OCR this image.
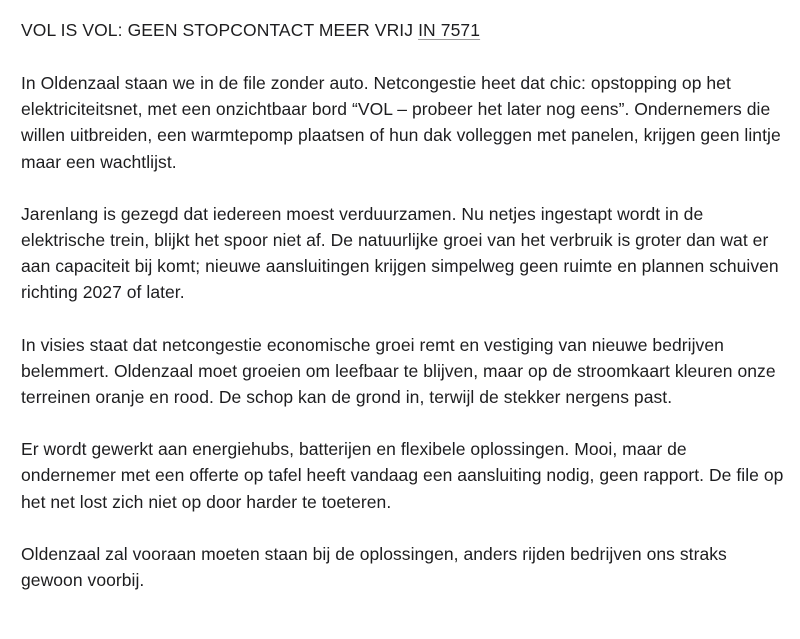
VOL IS VOL: GEEN STOPCONTACT MEER VRIJ IN 7571

In Oldenzaal staan we in de file zonder auto. Netcongestie heet dat chic: opstopping op het elektriciteitsnet, met een onzichtbaar bord “VOL – probeer het later nog eens”. Ondernemers die willen uitbreiden, een warmtepomp plaatsen of hun dak volleggen met panelen, krijgen geen lintje maar een wachtlijst.

Jarenlang is gezegd dat iedereen moest verduurzamen. Nu netjes ingestapt wordt in de elektrische trein, blijkt het spoor niet af. De natuurlijke groei van het verbruik is groter dan wat er aan capaciteit bij komt; nieuwe aansluitingen krijgen simpelweg geen ruimte en plannen schuiven richting 2027 of later.

In visies staat dat netcongestie economische groei remt en vestiging van nieuwe bedrijven belemmert. Oldenzaal moet groeien om leefbaar te blijven, maar op de stroomkaart kleuren onze terreinen oranje en rood. De schop kan de grond in, terwijl de stekker nergens past.

Er wordt gewerkt aan energiehubs, batterijen en flexibele oplossingen. Mooi, maar de ondernemer met een offerte op tafel heeft vandaag een aansluiting nodig, geen rapport. De file op het net lost zich niet op door harder te toeteren.

Oldenzaal zal vooraan moeten staan bij de oplossingen, anders rijden bedrijven ons straks gewoon voorbij.
